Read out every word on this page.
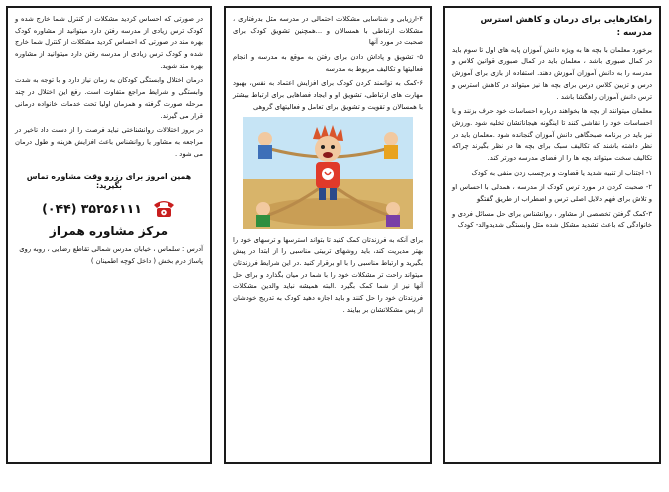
در صورتی که احساس کردید مشکلات از کنترل شما خارج شده و کودک ترس زیادی از مدرسه رفتن دارد میتوانید از مشاوره کودک بهره مند در صورتی که احساس کردید مشکلات از کنترل شما خارج شده و کودک ترس زیادی از مدرسه رفتن دارد میتوانید از مشاوره بهره مند شوید.

درمان اختلال وابستگی کودکان به زمان نیاز دارد و با توجه به شدت وابستگی و شرایط مراجع متفاوت است. رفع این اختلال در چند مرحله صورت گرفته و همزمان اولیا تحت خدمات خانواده درمانی قرار می گیرند.

در بروز اختلالات روانشناختی نباید فرصت را از دست داد تاخیر در مراجعه به مشاور یا روانشناس باعث افزایش هزینه و طول درمان می شود .

همین امروز برای رزرو وقت مشاوره تماس بگیرید:
(۰۴۴) ۳۵۲۵۶۱۱۱
مرکز مشاوره همراز
آدرس : سلماس ، خیابان مدرس شمالی تقاطع رضایی ، روبه روی پاساژ درم بخش ( داخل کوچه اطمینان )

۴-ارزیابی و شناسایی مشکلات احتمالی در مدرسه مثل بدرفتاری ، مشکلات ارتباطی با همسالان و ...همچنین تشویق کودک برای صحبت در مورد آنها

۵- تشویق و پاداش دادن برای رفتن به موقع به مدرسه و انجام فعالیتها و تکالیف مربوط به مدرسه

۶-کمک به توانمند کردن کودک برای افزایش اعتماد به نفس، بهبود مهارت های ارتباطی، تشویق او و ایجاد فضاهایی برای ارتباط بیشتر با همسالان و تقویت و تشویق برای تعامل و فعالیتهای گروهی

برای آنکه به فرزندتان کمک کنید تا بتواند استرسها و ترسهای خود را بهتر مدیریت کند، باید روشهای تربیتی مناسبی را از ابتدا در پیش بگیرید و ارتباط مناسبی را با او برقرار کنید .در این شرایط فرزندتان میتواند راحت تر مشکلات خود را با شما در میان بگذارد و برای حل آنها نیز از شما کمک بگیرد .البته همیشه نباید والدین مشکلات فرزندتان خود را حل کنند و باید اجازه دهید کودک به تدریج خودشان از پس مشکلاتشان بر بیایند .

راهکارهایی برای درمان و کاهش استرس مدرسه :

برخورد معلمان با بچه ها به ویژه دانش آموزان پایه های اول تا سوم باید در کمال صبوری باشد ، معلمان باید در کمال صبوری قوانین کلاس و مدرسه را به دانش آموزان آموزش دهند. استفاده از بازی برای آموزش درس و تزیین کلاس درس برای بچه ها نیز میتواند در کاهش استرس و ترس دانش آموزان راهگشا باشد .

معلمان میتوانند از بچه ها بخواهند درباره احساسات خود حرف بزنند و یا احساسات خود را نقاشی کنند تا اینگونه هیجاناتشان تخلیه شود .ورزش نیز باید در برنامه صبحگاهی دانش آموزان گنجانده شود .معلمان باید در نظر داشته باشند که تکالیف سبک برای بچه ها در نظر بگیرند چراکه تکالیف سخت میتواند بچه ها را از فضای مدرسه دورتر کند.

۱- اجتناب از تنبیه شدید یا قضاوت و برچسب زدن منفی به کودک

۲- صحبت کردن در مورد ترس کودک از مدرسه ، همدلی با احساس او و تلاش برای فهم دلایل اصلی ترس و اضطراب از طریق گفتگو

۳-کمک گرفتن تخصصی از مشاور ، روانشناس برای حل مسائل فردی و خانوادگی که باعث تشدید مشکل شده مثل وابستگی شدیدوالد- کودک
